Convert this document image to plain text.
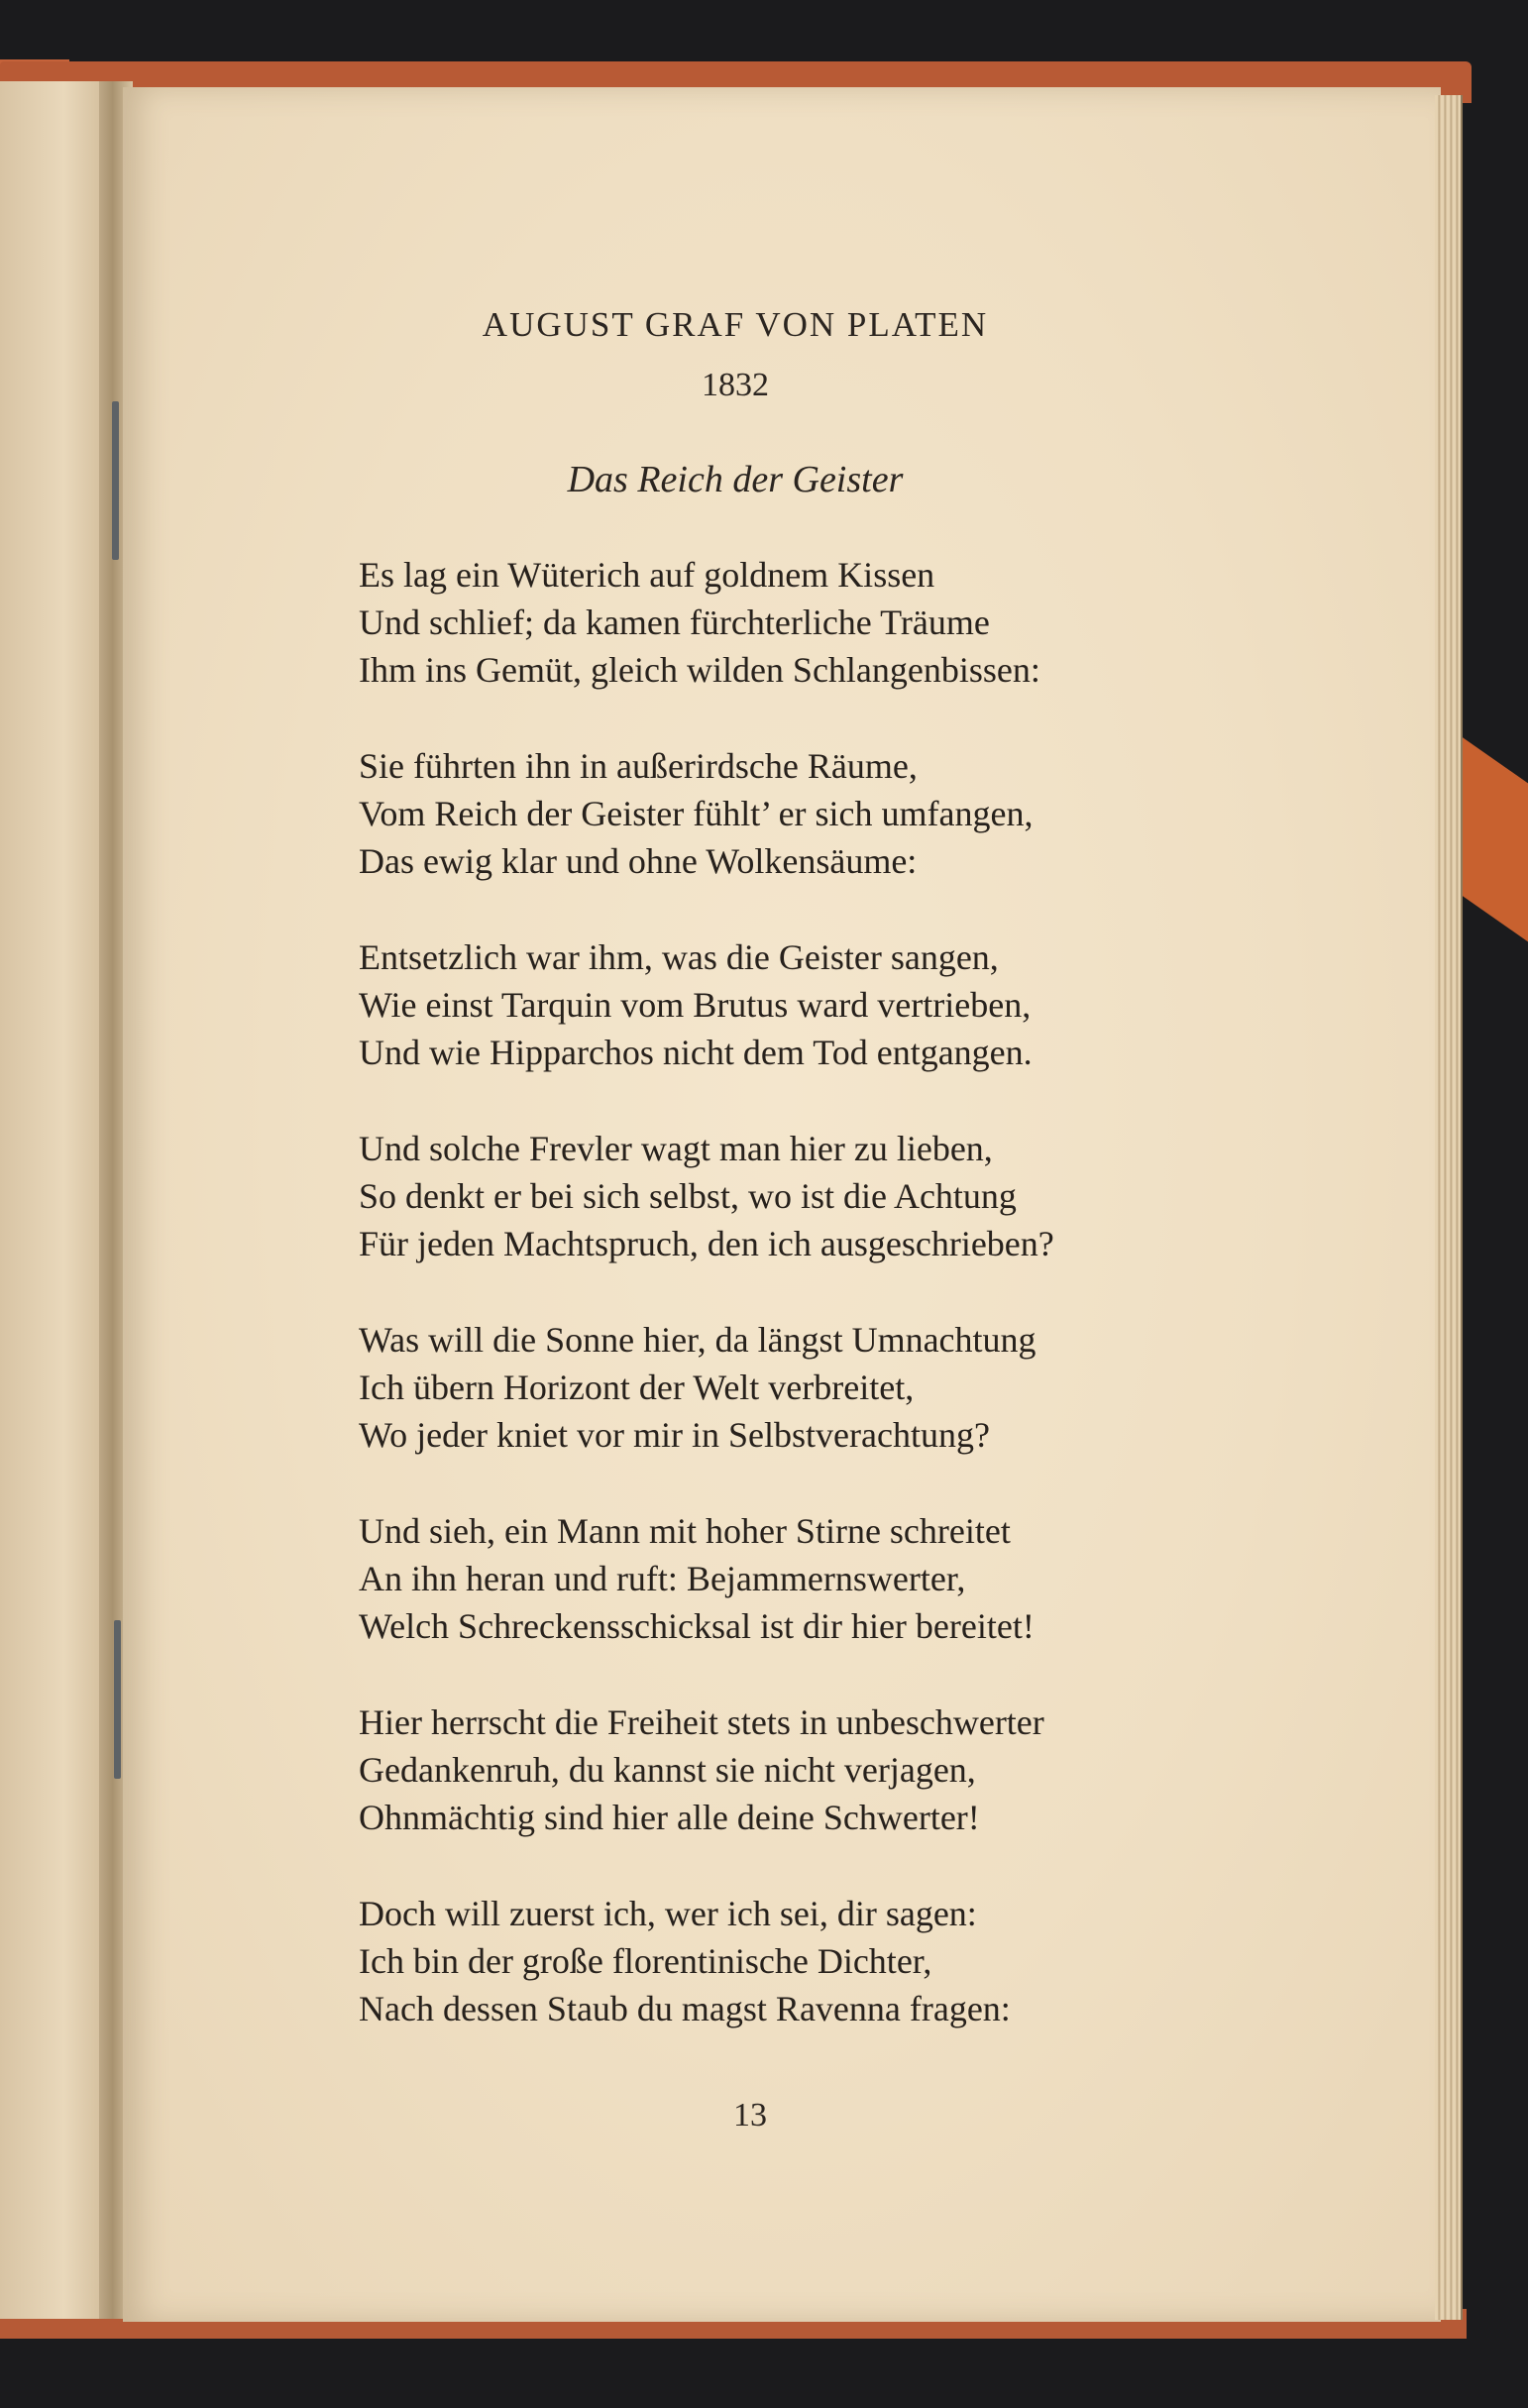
AUGUST GRAF VON PLATEN
1832
Das Reich der Geister
Es lag ein Wüterich auf goldnem Kissen
Und schlief; da kamen fürchterliche Träume
Ihm ins Gemüt, gleich wilden Schlangenbissen:
Sie führten ihn in außerirdsche Räume,
Vom Reich der Geister fühlt’ er sich umfangen,
Das ewig klar und ohne Wolkensäume:
Entsetzlich war ihm, was die Geister sangen,
Wie einst Tarquin vom Brutus ward vertrieben,
Und wie Hipparchos nicht dem Tod entgangen.
Und solche Frevler wagt man hier zu lieben,
So denkt er bei sich selbst, wo ist die Achtung
Für jeden Machtspruch, den ich ausgeschrieben?
Was will die Sonne hier, da längst Umnachtung
Ich übern Horizont der Welt verbreitet,
Wo jeder kniet vor mir in Selbstverachtung?
Und sieh, ein Mann mit hoher Stirne schreitet
An ihn heran und ruft: Bejammernswerter,
Welch Schreckensschicksal ist dir hier bereitet!
Hier herrscht die Freiheit stets in unbeschwerter
Gedankenruh, du kannst sie nicht verjagen,
Ohnmächtig sind hier alle deine Schwerter!
Doch will zuerst ich, wer ich sei, dir sagen:
Ich bin der große florentinische Dichter,
Nach dessen Staub du magst Ravenna fragen:
13
